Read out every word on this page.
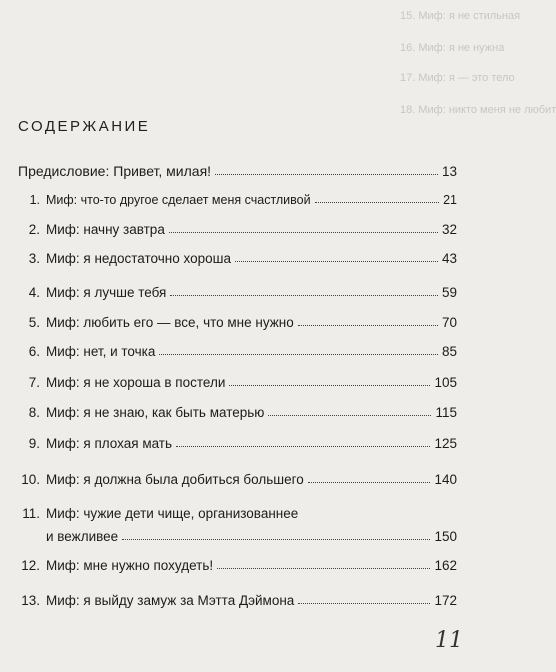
15. Миф: я не стильная
16. Миф: я не нужна
17. Миф: я — это тело
18. Миф: никто меня не любит
СОДЕРЖАНИЕ
Предисловие: Привет, милая!	13
1. Миф: что-то другое сделает меня счастливой	21
2. Миф: начну завтра	32
3. Миф: я недостаточно хороша	43
4. Миф: я лучше тебя	59
5. Миф: любить его — все, что мне нужно	70
6. Миф: нет, и точка	85
7. Миф: я не хороша в постели	105
8. Миф: я не знаю, как быть матерью	115
9. Миф: я плохая мать	125
10. Миф: я должна была добиться большего	140
11. Миф: чужие дети чище, организованнее
и вежливее	150
12. Миф: мне нужно похудеть!	162
13. Миф: я выйду замуж за Мэтта Дэймона	172
11
